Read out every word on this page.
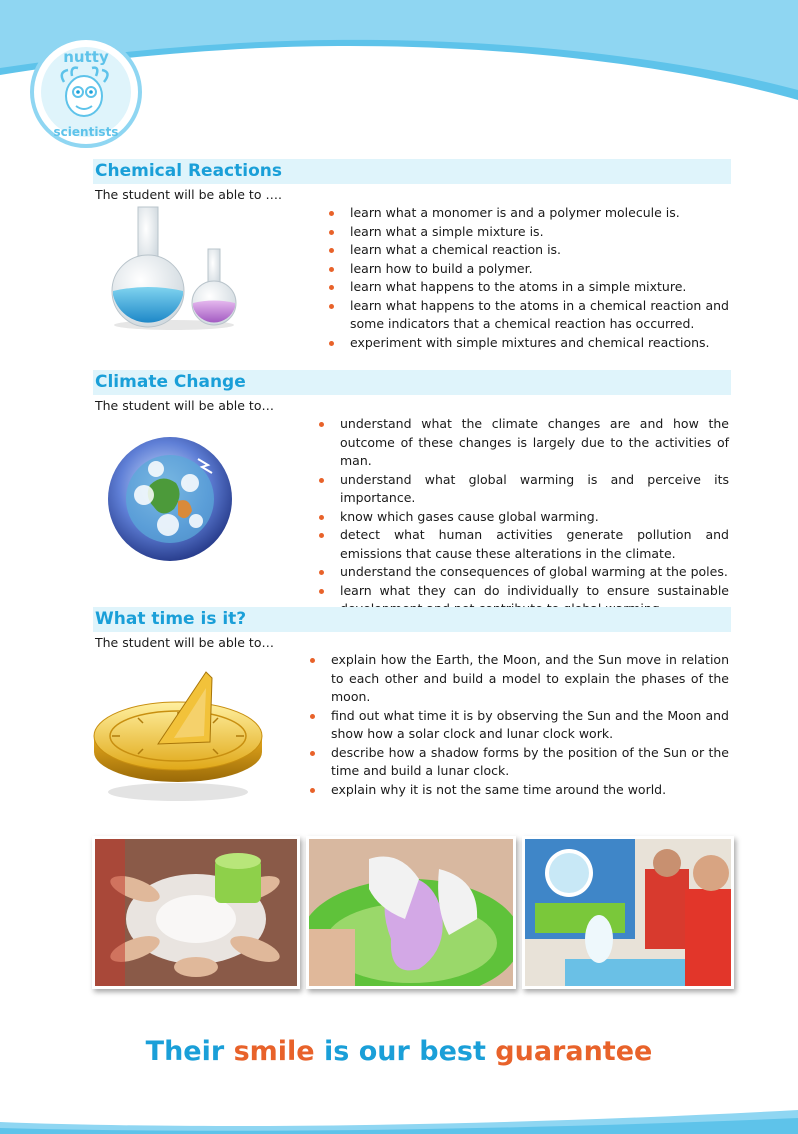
nutty
scientists
Chemical Reactions
The student will be able to ….
learn what a monomer is and a polymer molecule is.
learn what a simple mixture is.
learn what a chemical reaction is.
learn how to build a polymer.
learn what happens to the atoms in a simple mixture.
learn what happens to the atoms in a chemical reaction and some indicators that a chemical reaction has occurred.
experiment with simple mixtures and chemical reactions.
Climate Change
The student will be able to…
understand what the climate changes are and how the outcome of these changes is largely due to the activities of man.
understand what global warming is and perceive its importance.
know which gases cause global warming.
detect what human activities generate pollution and emissions that cause these alterations in the climate.
understand the consequences of global warming at the poles.
learn what they can do individually to ensure sustainable
What time is it?
The student will be able to…
explain how the Earth, the Moon, and the Sun move in relation to each other and build a model to explain the phases of the moon.
find out what time it is by observing the Sun and the Moon and show how a solar clock and lunar clock work.
describe how a shadow forms by the position of the Sun or the time and build a lunar clock.
explain why it is not the same time around the world.
Their smile is our best guarantee
